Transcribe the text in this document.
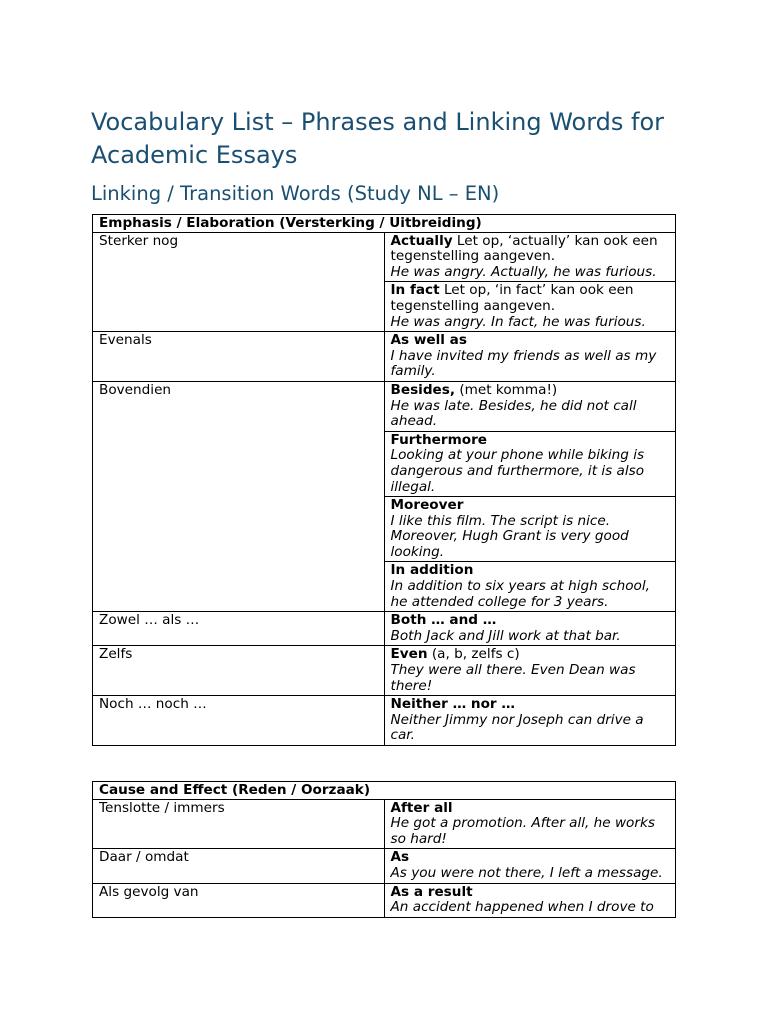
Vocabulary List – Phrases and Linking Words for Academic Essays
Linking / Transition Words (Study NL – EN)
Emphasis / Elaboration (Versterking / Uitbreiding)	
Sterker nog	Actually Let op, ‘actually’ kan ook een tegenstelling aangeven.
He was angry. Actually, he was furious.

	In fact Let op, ‘in fact’ kan ook een tegenstelling aangeven.
He was angry. In fact, he was furious.

Evenals	As well as
I have invited my friends as well as my family.

Bovendien	Besides, (met komma!)
He was late. Besides, he did not call ahead.

	Furthermore
Looking at your phone while biking is dangerous and furthermore, it is also illegal.

	Moreover
I like this film. The script is nice. Moreover, Hugh Grant is very good looking.

	In addition
In addition to six years at high school, he attended college for 3 years.

Zowel … als …	Both … and …
Both Jack and Jill work at that bar.

Zelfs	Even (a, b, zelfs c)
They were all there. Even Dean was there!

Noch … noch …	Neither … nor …
Neither Jimmy nor Joseph can drive a car.
Cause and Effect (Reden / Oorzaak)	
Tenslotte / immers	After all
He got a promotion. After all, he works so hard!

Daar / omdat	As
As you were not there, I left a message.

Als gevolg van	As a result
An accident happened when I drove to
